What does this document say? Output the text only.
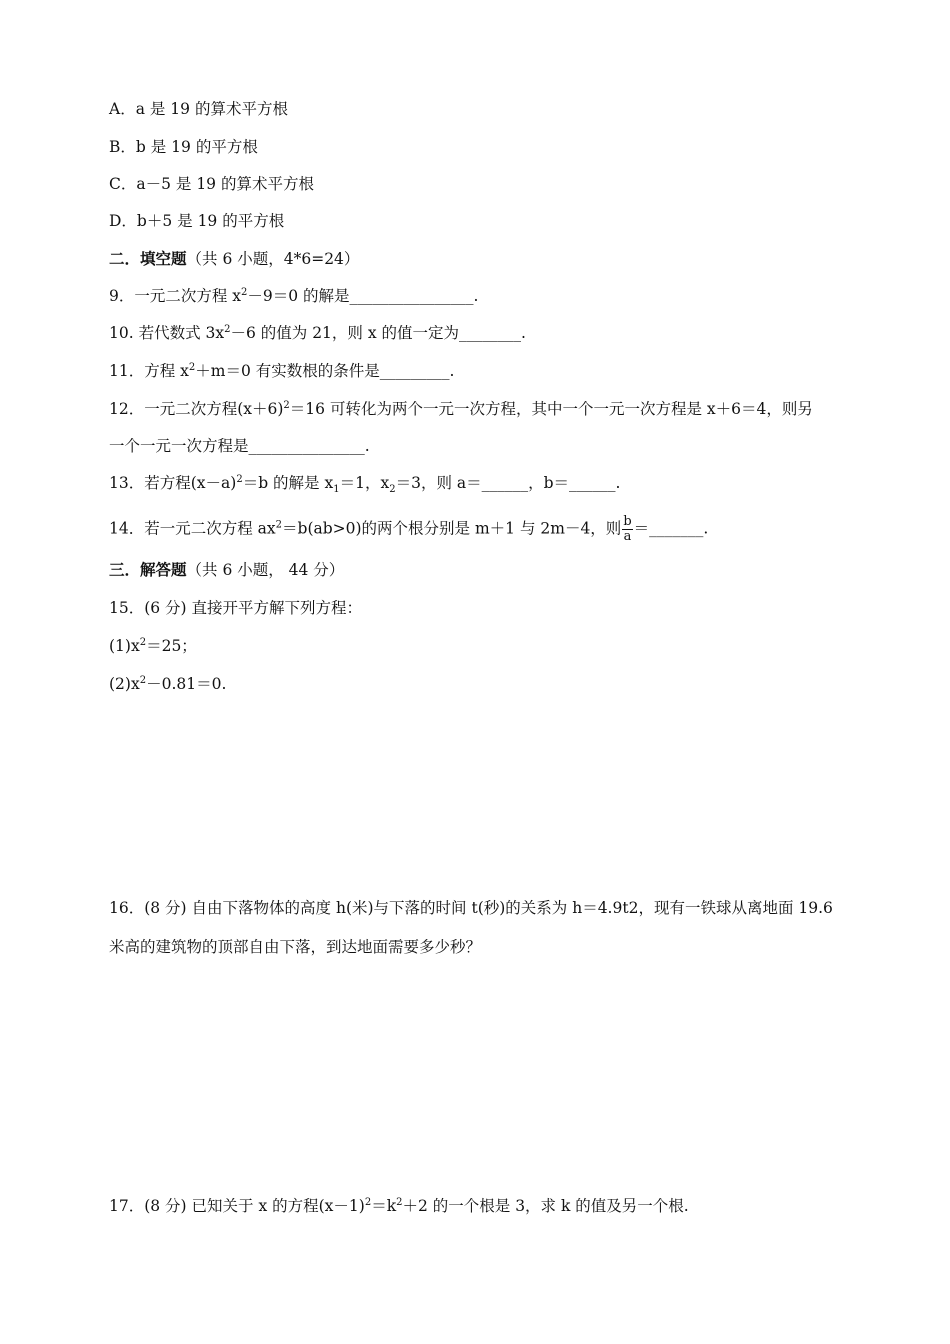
A．a 是 19 的算术平方根
B．b 是 19 的平方根
C．a－5 是 19 的算术平方根
D．b＋5 是 19 的平方根
二．填空题（共 6 小题，4*6=24）
9．一元二次方程 $x^2-9=0$ 的解是________________.
10. 若代数式 $3x^2-6$ 的值为 21，则 x 的值一定为________.
11．方程 $x^2+m=0$ 有实数根的条件是_________.
12．一元二次方程$(x+6)^2=16$ 可转化为两个一元一次方程，其中一个一元一次方程是 x＋6＝4，则另
一个一元一次方程是_______________.
13．若方程$(x-a)^2=b$ 的解是 $x_1=1$，$x_2=3$，则 a＝______，b＝______.
14．若一元二次方程 $ax^2=b(ab>0)$的两个根分别是 m＋1 与 2m－4，则 $\frac{b}{a}$ ＝_______.
三．解答题（共 6 小题， 44 分）
15．(6 分) 直接开平方解下列方程：
$(1)x^2=25$；
$(2)x^2-0.81=0$.
16．(8 分) 自由下落物体的高度 h(米)与下落的时间 t(秒)的关系为 h＝4.9t2，现有一铁球从离地面 19.6
米高的建筑物的顶部自由下落，到达地面需要多少秒？
17．(8 分) 已知关于 x 的方程$(x-1)^2=k^2+2$ 的一个根是 3，求 k 的值及另一个根.
